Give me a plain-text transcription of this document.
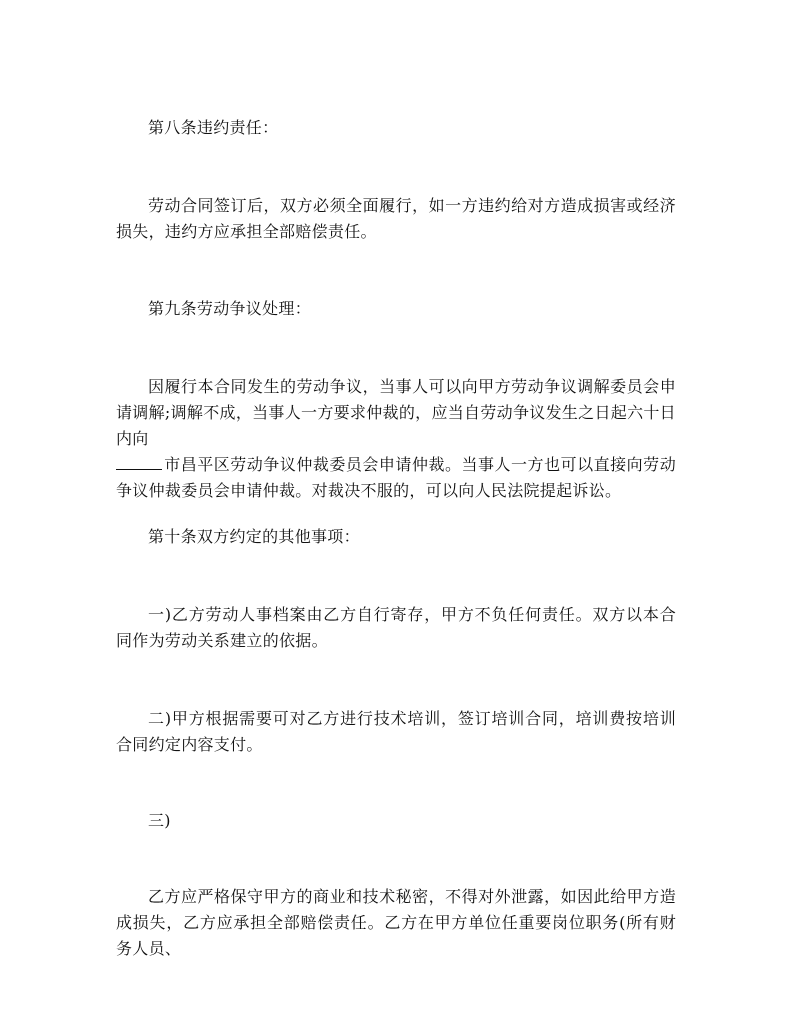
第八条违约责任：

劳动合同签订后，双方必须全面履行，如一方违约给对方造成损害或经济损失，违约方应承担全部赔偿责任。

第九条劳动争议处理：

因履行本合同发生的劳动争议，当事人可以向甲方劳动争议调解委员会申请调解;调解不成，当事人一方要求仲裁的，应当自劳动争议发生之日起六十日内向
市昌平区劳动争议仲裁委员会申请仲裁。当事人一方也可以直接向劳动争议仲裁委员会申请仲裁。对裁决不服的，可以向人民法院提起诉讼。

第十条双方约定的其他事项：

一)乙方劳动人事档案由乙方自行寄存，甲方不负任何责任。双方以本合同作为劳动关系建立的依据。

二)甲方根据需要可对乙方进行技术培训，签订培训合同，培训费按培训合同约定内容支付。

三)

乙方应严格保守甲方的商业和技术秘密，不得对外泄露，如因此给甲方造成损失，乙方应承担全部赔偿责任。乙方在甲方单位任重要岗位职务(所有财务人员、
